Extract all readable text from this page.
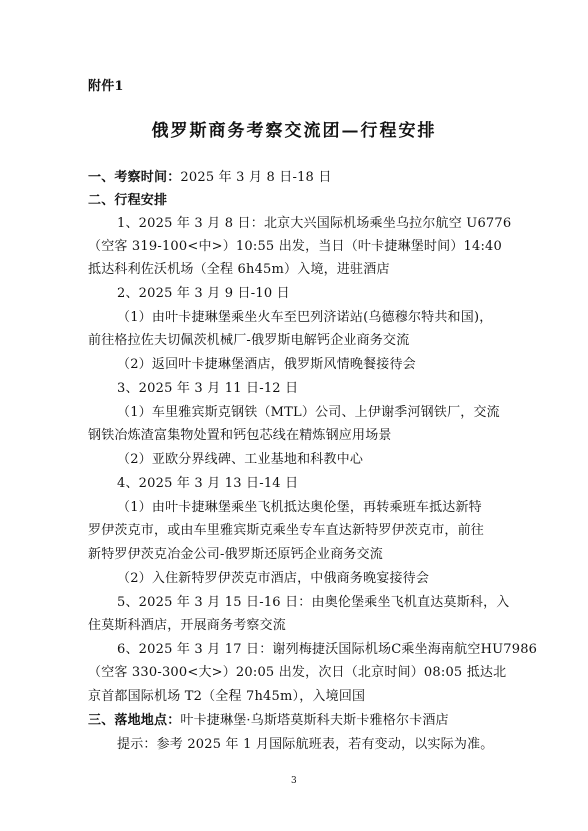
附件1
俄罗斯商务考察交流团—行程安排
一、考察时间：2025 年 3 月 8 日-18 日
二、行程安排
1、2025 年 3 月 8 日：北京大兴国际机场乘坐乌拉尔航空 U6776
（空客 319-100<中>）10:55 出发，当日（叶卡捷琳堡时间）14:40
抵达科利佐沃机场（全程 6h45m）入境，进驻酒店
2、2025 年 3 月 9 日-10 日
（1）由叶卡捷琳堡乘坐火车至巴列济诺站(乌德穆尔特共和国)，
前往格拉佐夫切佩茨机械厂-俄罗斯电解钙企业商务交流
（2）返回叶卡捷琳堡酒店，俄罗斯风情晚餐接待会
3、2025 年 3 月 11 日-12 日
（1）车里雅宾斯克钢铁（MTL）公司、上伊谢季河钢铁厂，交流
钢铁冶炼渣富集物处置和钙包芯线在精炼钢应用场景
（2）亚欧分界线碑、工业基地和科教中心
4、2025 年 3 月 13 日-14 日
（1）由叶卡捷琳堡乘坐飞机抵达奥伦堡，再转乘班车抵达新特
罗伊茨克市，或由车里雅宾斯克乘坐专车直达新特罗伊茨克市，前往
新特罗伊茨克冶金公司-俄罗斯还原钙企业商务交流
（2）入住新特罗伊茨克市酒店，中俄商务晚宴接待会
5、2025 年 3 月 15 日-16 日：由奥伦堡乘坐飞机直达莫斯科，入
住莫斯科酒店，开展商务考察交流
6、2025 年 3 月 17 日：谢列梅捷沃国际机场C乘坐海南航空HU7986
（空客 330-300<大>）20:05 出发，次日（北京时间）08:05 抵达北
京首都国际机场 T2（全程 7h45m），入境回国
三、落地地点：叶卡捷琳堡·乌斯塔莫斯科夫斯卡雅格尔卡酒店
提示：参考 2025 年 1 月国际航班表，若有变动，以实际为准。
3
